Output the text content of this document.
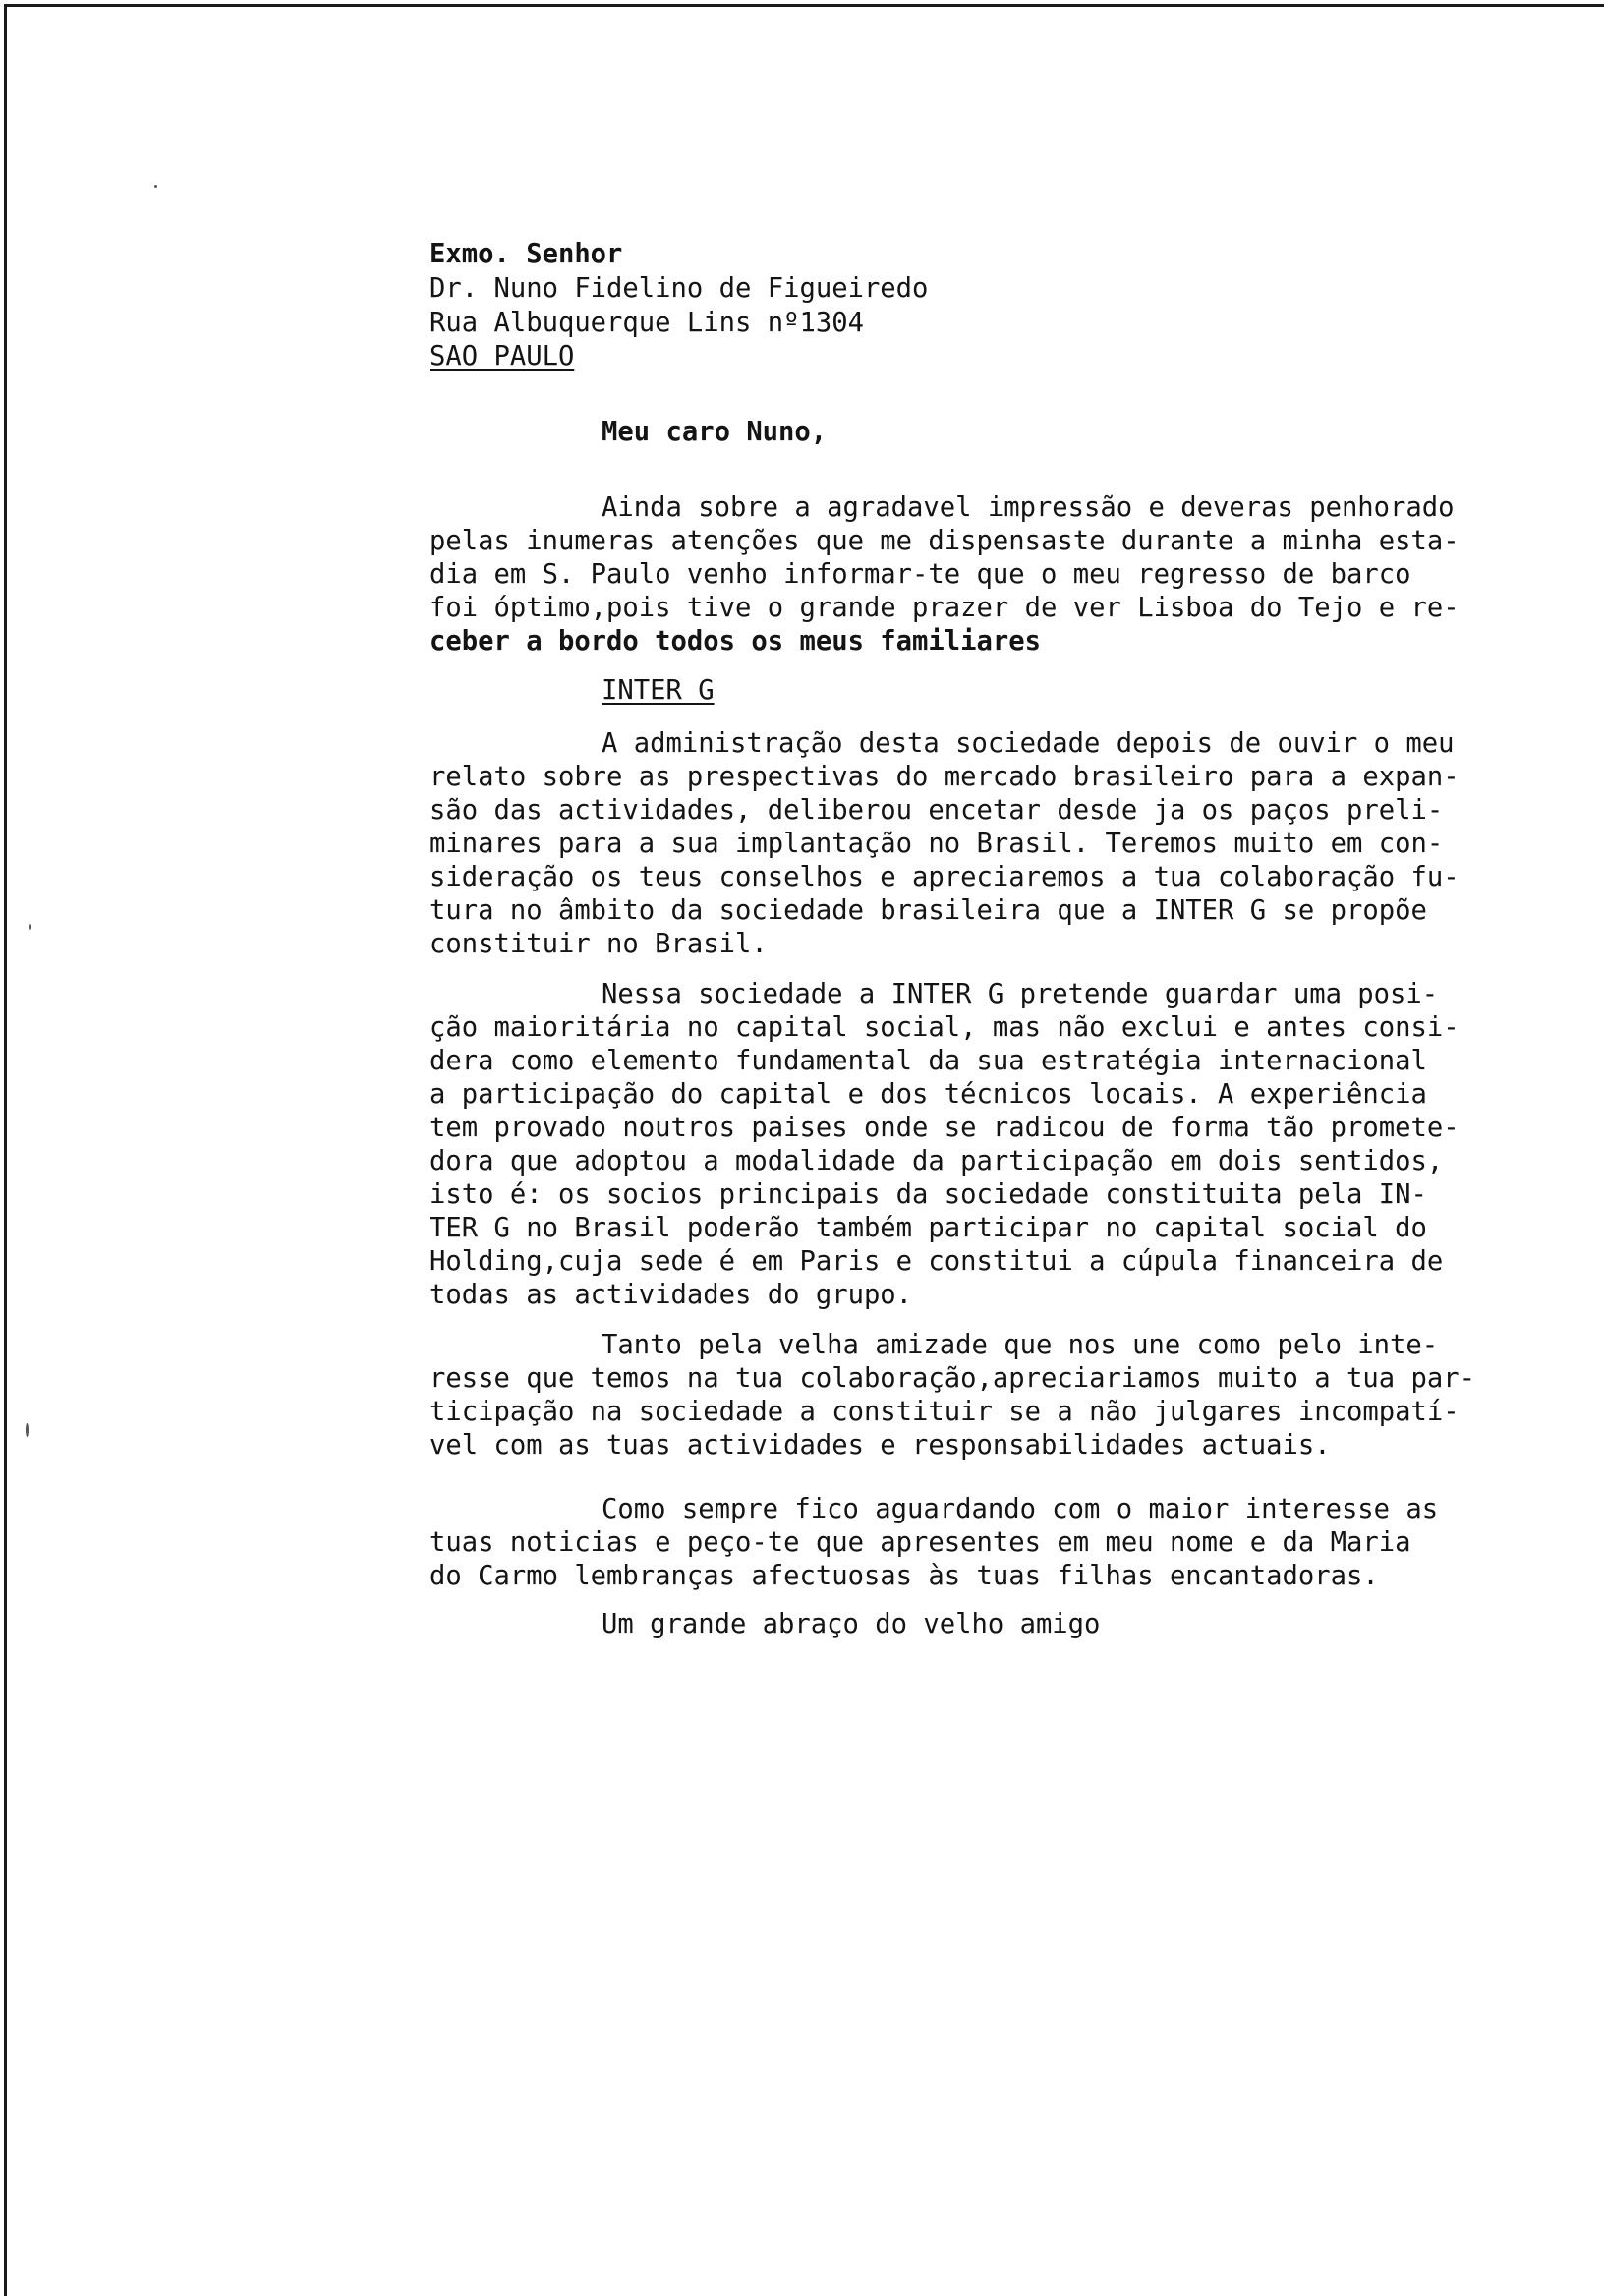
Exmo. Senhor
Dr. Nuno Fidelino de Figueiredo
Rua Albuquerque Lins nº1304
SAO PAULO
Meu caro Nuno,
Ainda sobre a agradavel impressão e deveras penhorado
pelas inumeras atenções que me dispensaste durante a minha esta-
dia em S. Paulo venho informar-te que o meu regresso de barco
foi óptimo,pois tive o grande prazer de ver Lisboa do Tejo e re-
ceber a bordo todos os meus familiares
INTER G
A administração desta sociedade depois de ouvir o meu
relato sobre as prespectivas do mercado brasileiro para a expan-
são das actividades, deliberou encetar desde ja os paços preli-
minares para a sua implantação no Brasil. Teremos muito em con-
sideração os teus conselhos e apreciaremos a tua colaboração fu-
tura no âmbito da sociedade brasileira que a INTER G se propõe
constituir no Brasil.
Nessa sociedade a INTER G pretende guardar uma posi-
ção maioritária no capital social, mas não exclui e antes consi-
dera como elemento fundamental da sua estratégia internacional
a participação do capital e dos técnicos locais. A experiência
tem provado noutros paises onde se radicou de forma tão promete-
dora que adoptou a modalidade da participação em dois sentidos,
isto é: os socios principais da sociedade constituita pela IN-
TER G no Brasil poderão também participar no capital social do
Holding,cuja sede é em Paris e constitui a cúpula financeira de
todas as actividades do grupo.
Tanto pela velha amizade que nos une como pelo inte-
resse que temos na tua colaboração,apreciariamos muito a tua par-
ticipação na sociedade a constituir se a não julgares incompatí-
vel com as tuas actividades e responsabilidades actuais.
Como sempre fico aguardando com o maior interesse as
tuas noticias e peço-te que apresentes em meu nome e da Maria
do Carmo lembranças afectuosas às tuas filhas encantadoras.
Um grande abraço do velho amigo
